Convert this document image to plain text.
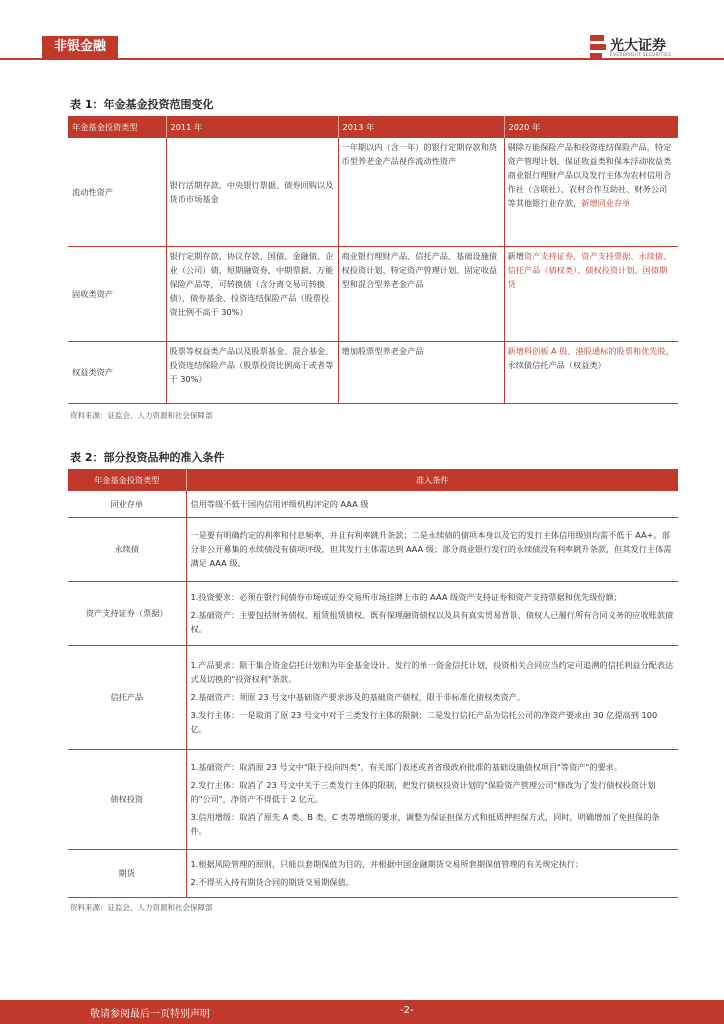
非银金融	光大证券
EVERBRIGHT SECURITIES
表 1：年金基金投资范围变化
年金基金投资类型	2011 年	2013 年	2020 年
流动性资产	银行活期存款、中央银行票据、债券回购以及货币市场基金	一年期以内（含一年）的银行定期存款和货币型养老金产品视作流动性资产	剔除万能保险产品和投资连结保险产品，特定资产管理计划、保证收益类和保本浮动收益类商业银行理财产品以及发行主体为农村信用合作社（含联社）、农村合作互助社、财务公司等其他银行业存款，新增同业存单
固收类资产	银行定期存款、协议存款、国债、金融债、企业（公司）债、短期融资券、中期票据、万能保险产品等，可转换债（含分离交易可转换债）、债券基金、投资连结保险产品（股票投资比例不高于 30%）	商业银行理财产品、信托产品、基础设施债权投资计划、特定资产管理计划、固定收益型和混合型养老金产品	新增资产支持证券、资产支持票据、永续债、信托产品（债权类）、债权投资计划、国债期货
权益类资产	股票等权益类产品以及股票基金、混合基金、投资连结保险产品（股票投资比例高于或者等于 30%）	增加股票型养老金产品	新增科创板 A 股、港股通标的股票和优先股，永续债信托产品（权益类）
资料来源：证监会、人力资源和社会保障部
表 2：部分投资品种的准入条件
年金基金投资类型	准入条件
同业存单	信用等级不低于国内信用评级机构评定的 AAA 级

永续债	一是要有明确约定的利率和付息频率，并且有利率跳升条款；二是永续债的债项本身以及它的发行主体信用级别均需不低于 AA+。部分非公开募集的永续债没有债项评级，但其发行主体需达到 AAA 级；部分商业银行发行的永续债没有利率跳升条款，但其发行主体需满足 AAA 级。

资产支持证券（票据）	1.投资要求：必须在银行间债券市场或证券交易所市场挂牌上市的 AAA 级资产支持证券和资产支持票据和优先级份额；

2.基础资产：主要包括财务债权、租赁租赁债权、既有保理融资债权以及具有真实贸易背景、债权人已履行所有合同义务的应收账款债权。

信托产品	1.产品要求：限于集合资金信托计划和为年金基金设计、发行的单一资金信托计划，投资相关合同应当约定可追溯的信托利益分配表达式及切换的"投资权利"条款。

2.基础资产：须原 23 号文中基础资产要求涉及的基础资产债权，限于非标准化债权类资产。

3.发行主体：一是取消了原 23 号文中对于三类发行主体的限制；二是发行信托产品为信托公司的净资产要求由 30 亿提高到 100 亿。

债权投资	1.基础资产：取消原 23 号文中"限于投向四类"，有关部门表述或者省级政府批准的基础设施债权项目"等资产"的要求。

2.发行主体：取消了 23 号文中关于三类发行主体的限制，把发行债权投资计划的"保险资产管理公司"修改为了发行债权投资计划的"公司"，净资产不得低于 2 亿元。

3.信用增级：取消了原先 A 类、B 类、C 类等增级的要求，调整为保证担保方式和抵质押担保方式，同时，明确增加了免担保的条件。

期货	1.根据风险管理的原则，只能以套期保值为目的，并根据中国金融期货交易所套期保值管理的有关规定执行；

2.不得买入持有期货合同的期货交易期保值。

资料来源：证监会、人力资源和社会保障部
敬请参阅最后一页特别声明	-2-
